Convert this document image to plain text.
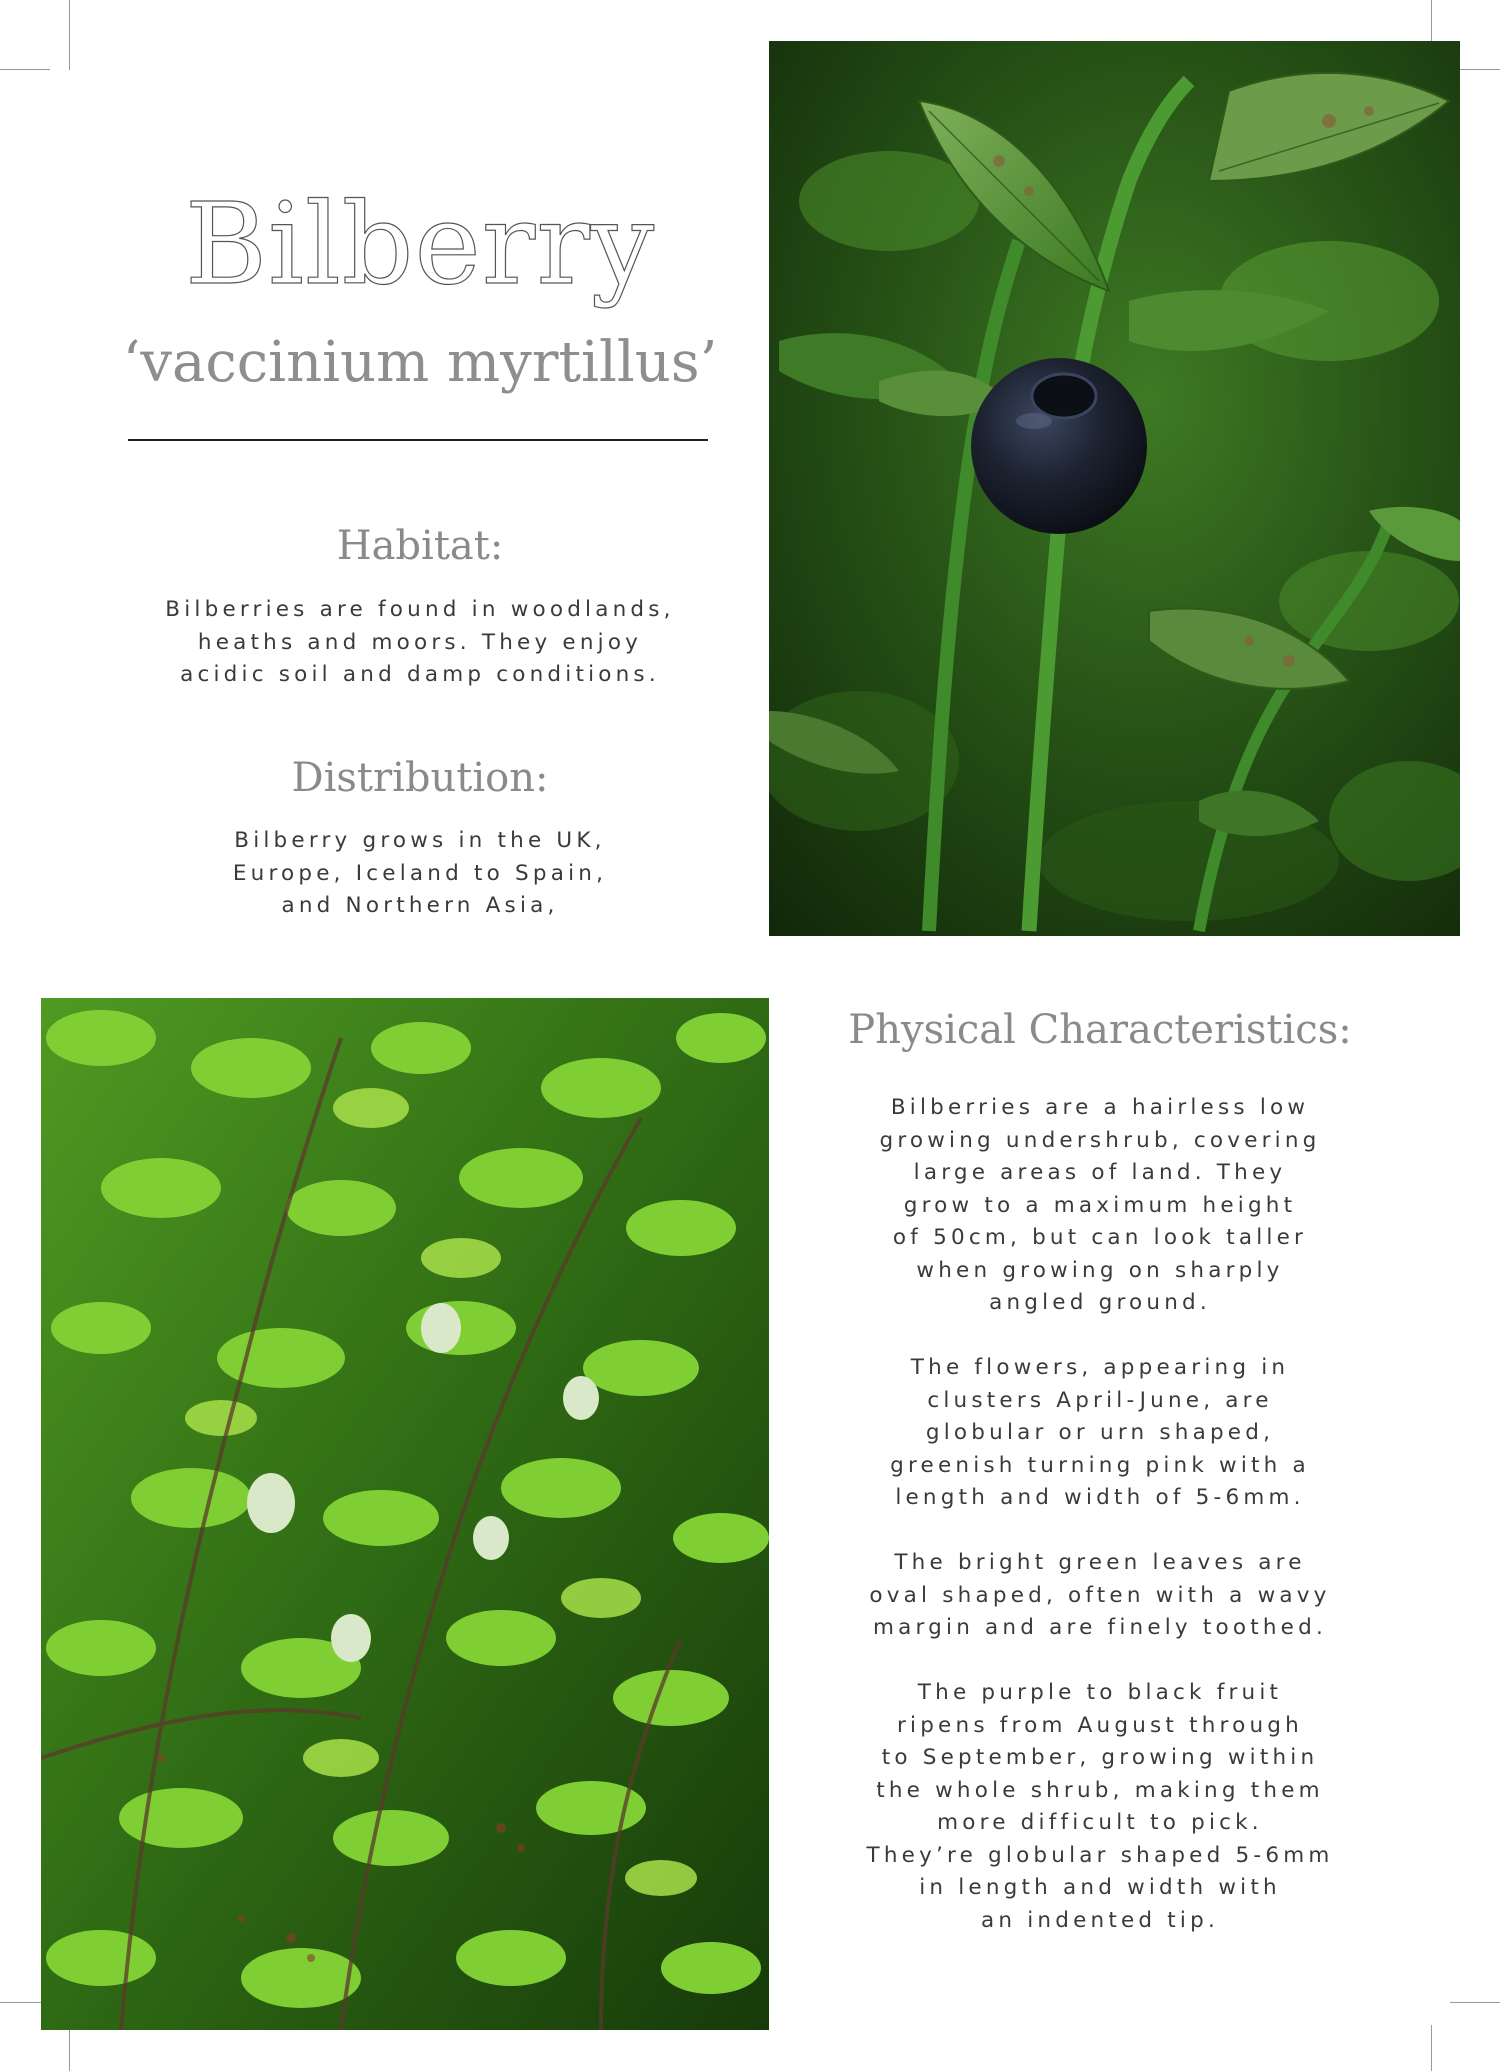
Bilberry
‘vaccinium myrtillus’
Habitat:
Bilberries are found in woodlands,
heaths and moors. They enjoy
acidic soil and damp conditions.
Distribution:
Bilberry grows in the UK,
Europe, Iceland to Spain,
and Northern Asia,
Physical Characteristics:
Bilberries are a hairless low
growing undershrub, covering
large areas of land. They
grow to a maximum height
of 50cm, but can look taller
when growing on sharply
angled ground.
The flowers, appearing in
clusters April-June, are
globular or urn shaped,
greenish turning pink with a
length and width of 5-6mm.
The bright green leaves are
oval shaped, often with a wavy
margin and are finely toothed.
The purple to black fruit
ripens from August through
to September, growing within
the whole shrub, making them
more difficult to pick.
They’re globular shaped 5-6mm
in length and width with
an indented tip.
